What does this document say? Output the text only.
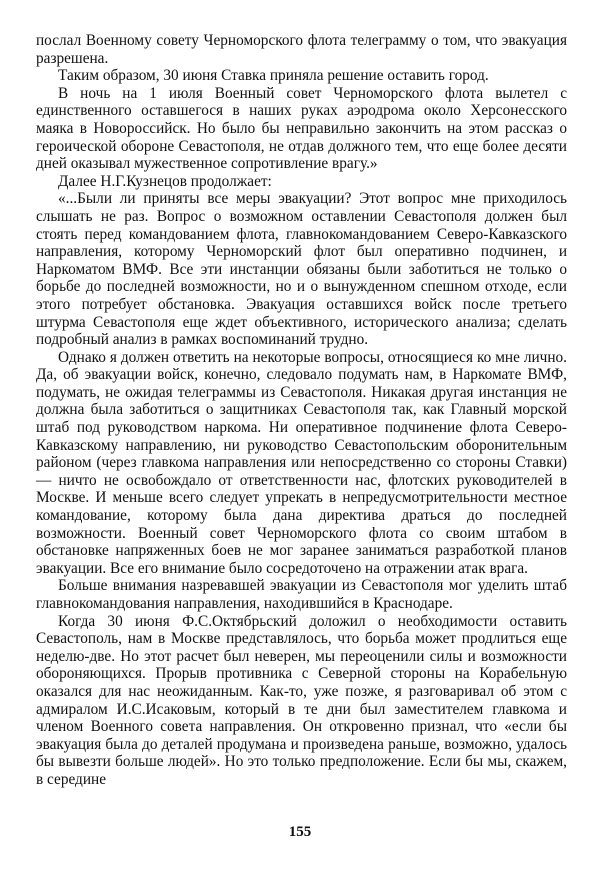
послал Военному совету Черноморского флота телеграмму о том, что эвакуация разрешена.

Таким образом, 30 июня Ставка приняла решение оставить город.

В ночь на 1 июля Военный совет Черноморского флота вылетел с единственного оставшегося в наших руках аэродрома около Херсонесского маяка в Новороссийск. Но было бы неправильно закончить на этом рассказ о героической обороне Севастополя, не отдав должного тем, что еще более десяти дней оказывал мужественное сопротивление врагу.»

Далее Н.Г.Кузнецов продолжает:

«...Были ли приняты все меры эвакуации? Этот вопрос мне приходилось слышать не раз. Вопрос о возможном оставлении Севастополя должен был стоять перед командованием флота, главнокомандованием Северо-Кавказского направления, которому Черноморский флот был оперативно подчинен, и Наркоматом ВМФ. Все эти инстанции обязаны были заботиться не только о борьбе до последней возможности, но и о вынужденном спешном отходе, если этого потребует обстановка. Эвакуация оставшихся войск после третьего штурма Севастополя еще ждет объективного, исторического анализа; сделать подробный анализ в рамках воспоминаний трудно.

Однако я должен ответить на некоторые вопросы, относящиеся ко мне лично. Да, об эвакуации войск, конечно, следовало подумать нам, в Наркомате ВМФ, подумать, не ожидая телеграммы из Севастополя. Никакая другая инстанция не должна была заботиться о защитниках Севастополя так, как Главный морской штаб под руководством наркома. Ни оперативное подчинение флота Северо-Кавказскому направлению, ни руководство Севастопольским оборонительным районом (через главкома направления или непосредственно со стороны Ставки) — ничто не освобождало от ответственности нас, флотских руководителей в Москве. И меньше всего следует упрекать в непредусмотрительности местное командование, которому была дана директива драться до последней возможности. Военный совет Черноморского флота со своим штабом в обстановке напряженных боев не мог заранее заниматься разработкой планов эвакуации. Все его внимание было сосредоточено на отражении атак врага.

Больше внимания назревавшей эвакуации из Севастополя мог уделить штаб главнокомандования направления, находившийся в Краснодаре.

Когда 30 июня Ф.С.Октябрьский доложил о необходимости оставить Севастополь, нам в Москве представлялось, что борьба может продлиться еще неделю-две. Но этот расчет был неверен, мы переоценили силы и возможности обороняющихся. Прорыв противника с Северной стороны на Корабельную оказался для нас неожиданным. Как-то, уже позже, я разговаривал об этом с адмиралом И.С.Исаковым, который в те дни был заместителем главкома и членом Военного совета направления. Он откровенно признал, что «если бы эвакуация была до деталей продумана и произведена раньше, возможно, удалось бы вывезти больше людей». Но это только предположение. Если бы мы, скажем, в середине

155
